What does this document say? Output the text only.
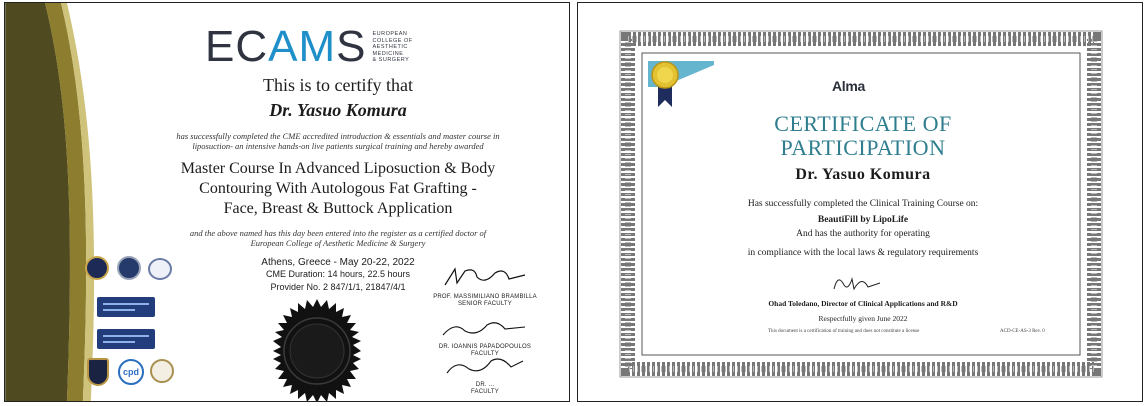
ECAMS EUROPEAN
COLLEGE OF
AESTHETIC
MEDICINE
& SURGERY
This is to certify that
Dr. Yasuo Komura
has successfully completed the CME accredited introduction & essentials and master course in liposuction- an intensive hands-on live patients surgical training and hereby awarded
Master Course In Advanced Liposuction & Body
Contouring With Autologous Fat Grafting -
Face, Breast & Buttock Application
and the above named has this day been entered into the register as a certified doctor of European College of Aesthetic Medicine & Surgery
Athens, Greece - May 20-22, 2022
CME Duration: 14 hours, 22.5 hours
Provider No. 2 847/1/1, 21847/4/1
cpd
PROF. MASSIMILIANO BRAMBILLA
SENIOR FACULTY
DR. IOANNIS PAPADOPOULOS
FACULTY
DR. ...
FACULTY
Alma
CERTIFICATE OF
PARTICIPATION
Dr. Yasuo Komura
Has successfully completed the Clinical Training Course on:
BeautiFill by LipoLife
And has the authority for operating
in compliance with the local laws & regulatory requirements
Ohad Toledano, Director of Clinical Applications and R&D
Respectfully given June 2022
This document is a certification of training and does not constitute a license	ACD-CE-AS-3 Rev. 0
